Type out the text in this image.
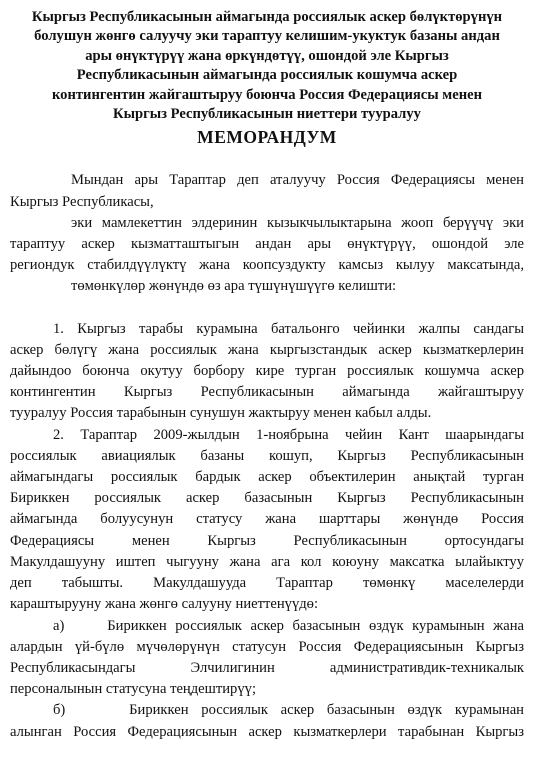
Кыргыз Республикасынын аймагында россиялык аскер бөлүктөрүнүн
болушун жөнгө салуучу эки тараптуу келишим-укуктук базаны андан
ары өнүктүрүү жана өркүндөтүү, ошондой эле Кыргыз
Республикасынын аймагында россиялык кошумча аскер
контингентин жайгаштыруу боюнча Россия Федерациясы менен
Кыргыз Республикасынын ниеттери тууралуу
МЕМОРАНДУМ
Мындан ары Тараптар деп аталуучу Россия Федерациясы менен
Кыргыз Республикасы,
эки мамлекеттин элдеринин кызыкчылыктарына жооп берүүчү эки
тараптуу аскер кызматташтыгын андан ары өнүктүрүү, ошондой эле
региондук стабилдүүлүктү жана коопсуздукту камсыз кылуу максатында,
төмөнкүлөр жөнүндө өз ара түшүнүшүүгө келишти:
1. Кыргыз тарабы курамына батальонго чейинки жалпы сандагы
аскер бөлүгү жана россиялык жана кыргызстандык аскер кызматкерлерин
дайындоо боюнча окутуу борбору кире турган россиялык кошумча аскер
контингентин Кыргыз Республикасынын аймагында жайгаштыруу
тууралуу Россия тарабынын сунушун жактыруу менен кабыл алды.
2. Тараптар 2009-жылдын 1-ноябрына чейин Кант шаарындагы
россиялык авиациялык базаны кошуп, Кыргыз Республикасынын
аймагындагы россиялык бардык аскер объектилерин анықтай турган
Бириккен россиялык аскер базасынын Кыргыз Республикасынын
аймагында болуусунун статусу жана шарттары жөнүндө Россия
Федерациясы менен Кыргыз Республикасынын ортосундагы
Макулдашууну иштеп чыгууну жана ага кол коюуну максатка ылайыктуу
деп табышты. Макулдашууда Тараптар төмөнкү маселелерди
караштырууну жана жөнгө салууну ниеттенүүдө:
а)     Бириккен россиялык аскер базасынын өздүк курамынын жана
алардын үй-бүлө мүчөлөрүнүн статусун Россия Федерациясынын Кыргыз
Республикасындагы Элчилигинин административдик-техникалык
персоналынын статусуна теңдештирүү;
б)     Бириккен россиялык аскер базасынын өздүк курамынан
алынган Россия Федерациясынын аскер кызматкерлери тарабынан Кыргыз
